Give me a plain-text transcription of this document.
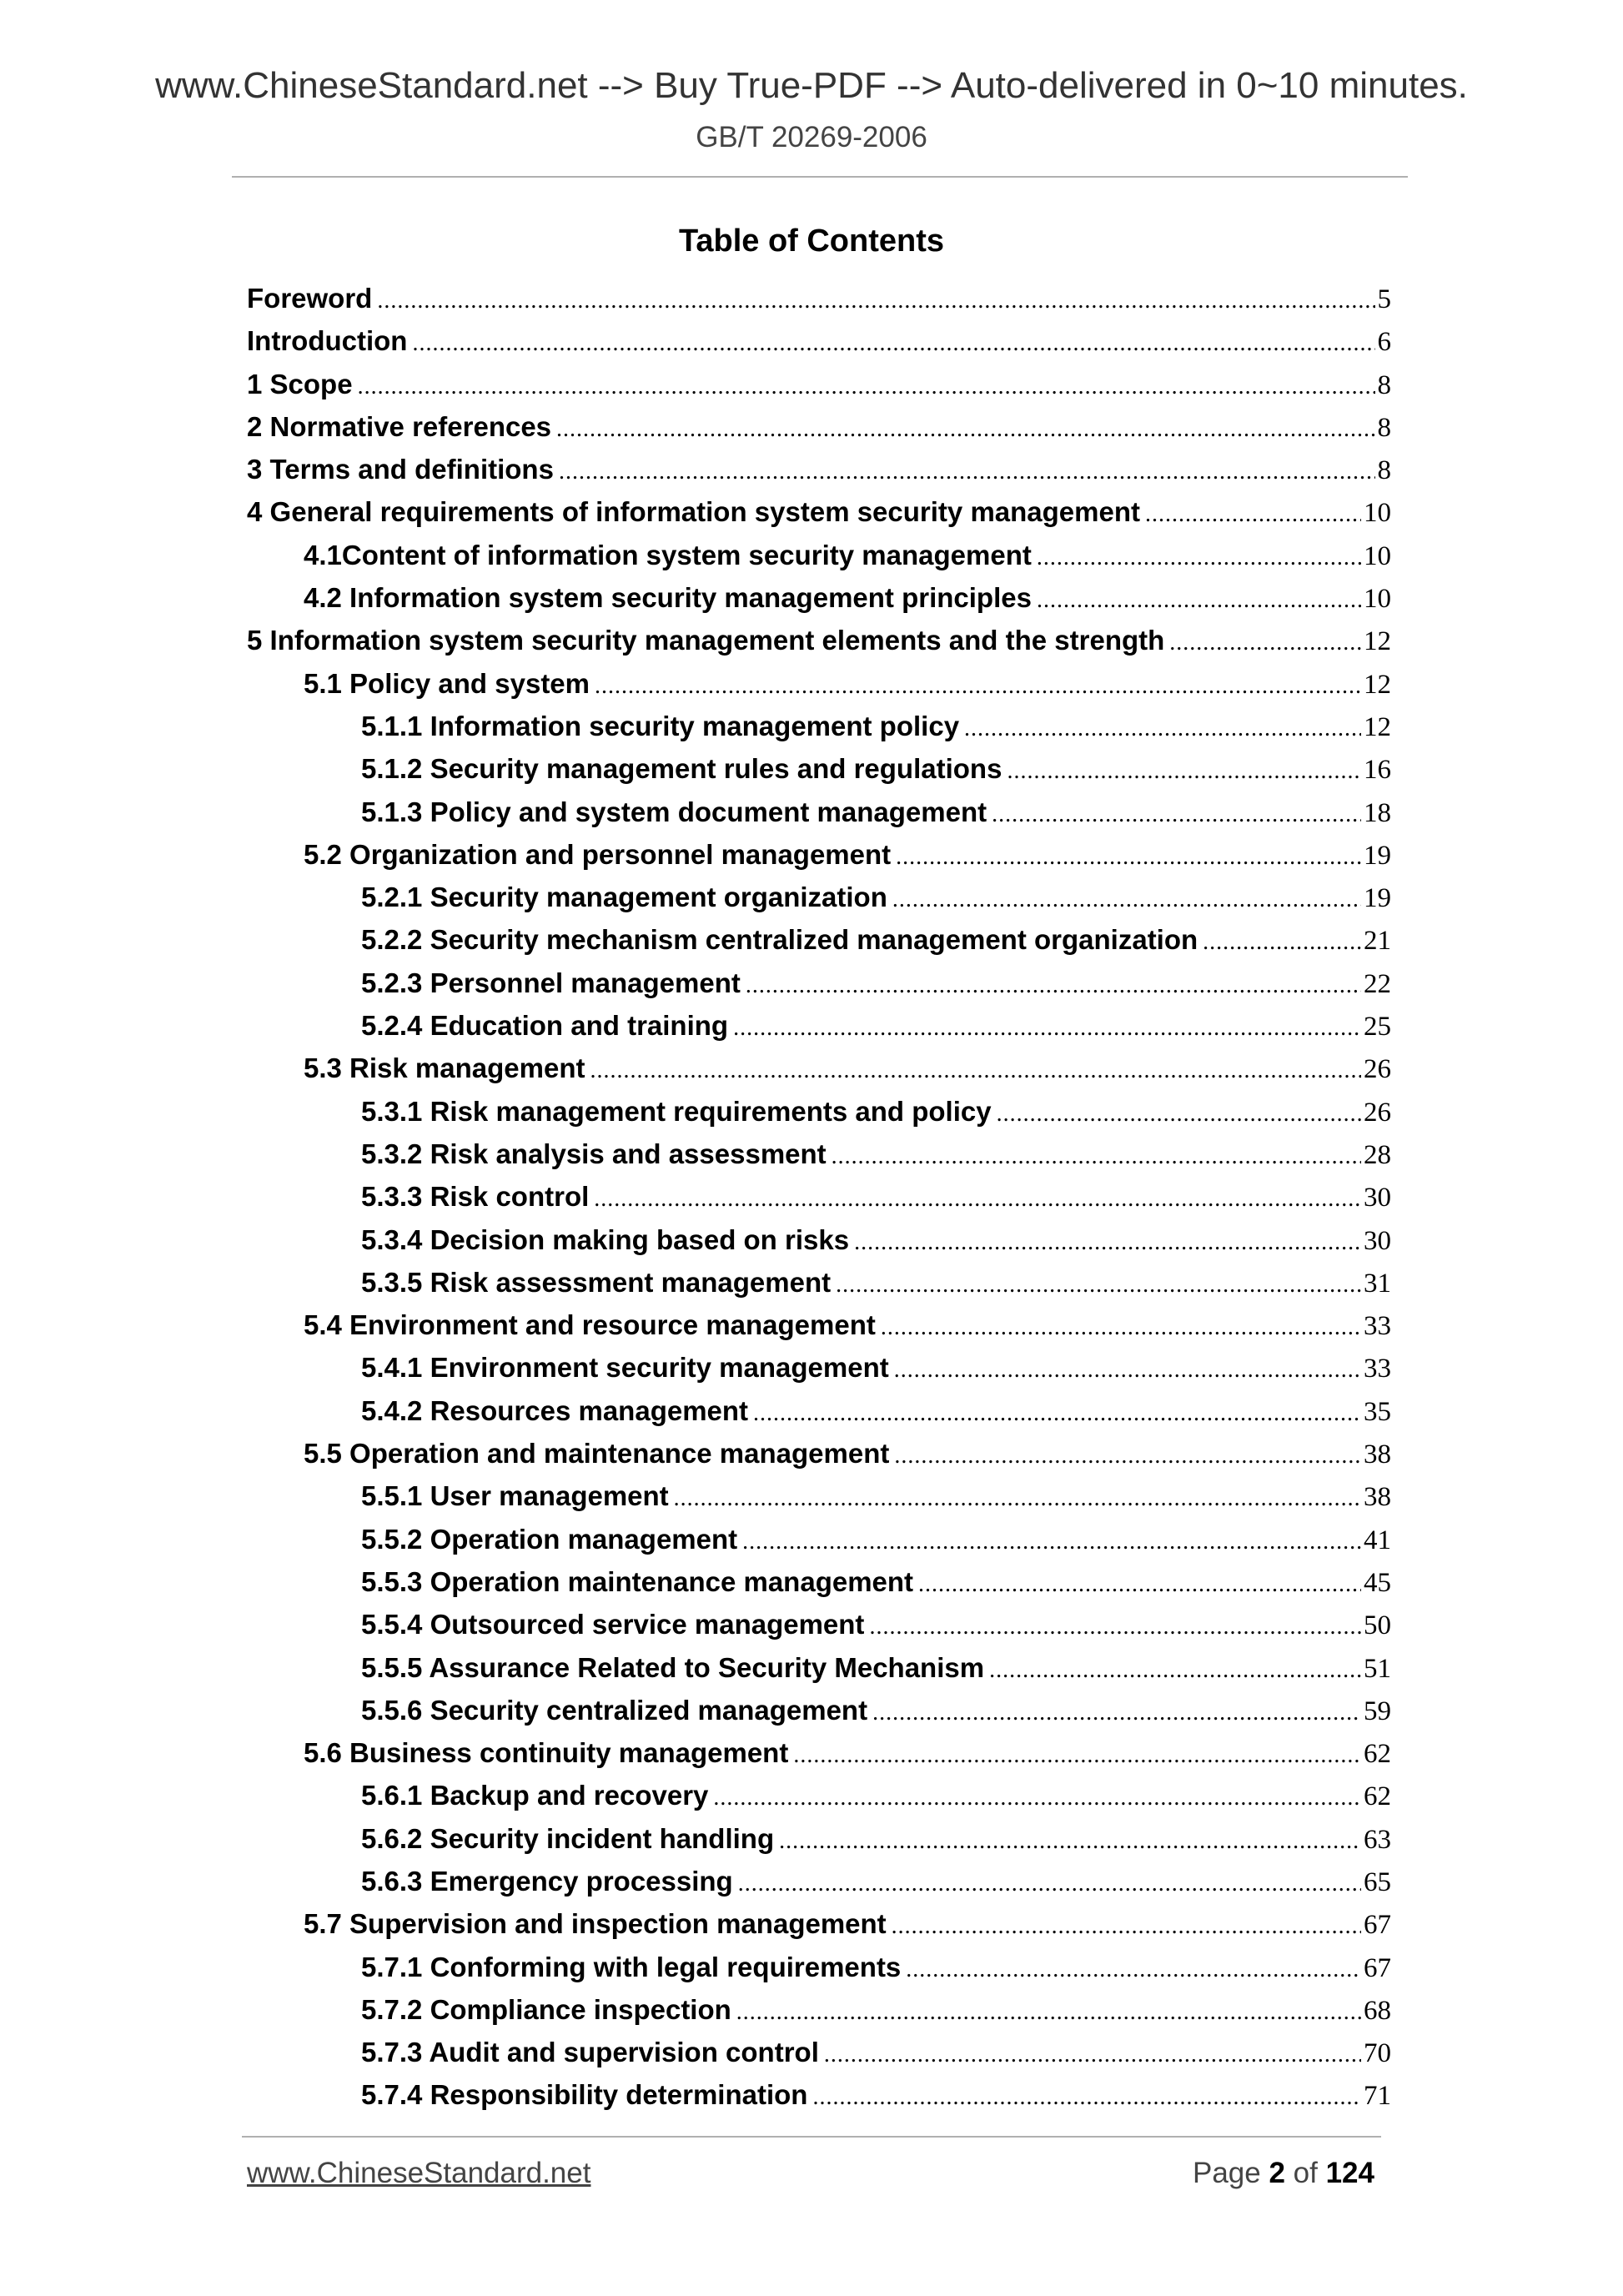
www.ChineseStandard.net --> Buy True-PDF --> Auto-delivered in 0~10 minutes.
GB/T 20269-2006
Table of Contents
Foreword .....	5
Introduction .....	6
1 Scope .....	8
2 Normative references .....	8
3 Terms and definitions .....	8
4 General requirements of information system security management .....	10
4.1Content of information system security management .....	10
4.2 Information system security management principles .....	10
5 Information system security management elements and the strength .....	12
5.1 Policy and system .....	12
5.1.1 Information security management policy .....	12
5.1.2 Security management rules and regulations .....	16
5.1.3 Policy and system document management .....	18
5.2 Organization and personnel management .....	19
5.2.1 Security management organization .....	19
5.2.2 Security mechanism centralized management organization .....	21
5.2.3 Personnel management .....	22
5.2.4 Education and training .....	25
5.3 Risk management .....	26
5.3.1 Risk management requirements and policy .....	26
5.3.2 Risk analysis and assessment .....	28
5.3.3 Risk control .....	30
5.3.4 Decision making based on risks .....	30
5.3.5 Risk assessment management .....	31
5.4 Environment and resource management .....	33
5.4.1 Environment security management .....	33
5.4.2 Resources management .....	35
5.5 Operation and maintenance management .....	38
5.5.1 User management .....	38
5.5.2 Operation management .....	41
5.5.3 Operation maintenance management .....	45
5.5.4 Outsourced service management .....	50
5.5.5 Assurance Related to Security Mechanism .....	51
5.5.6 Security centralized management .....	59
5.6 Business continuity management .....	62
5.6.1 Backup and recovery .....	62
5.6.2 Security incident handling .....	63
5.6.3 Emergency processing .....	65
5.7 Supervision and inspection management .....	67
5.7.1 Conforming with legal requirements .....	67
5.7.2 Compliance inspection .....	68
5.7.3 Audit and supervision control .....	70
5.7.4 Responsibility determination .....	71
www.ChineseStandard.net	Page 2 of 124
